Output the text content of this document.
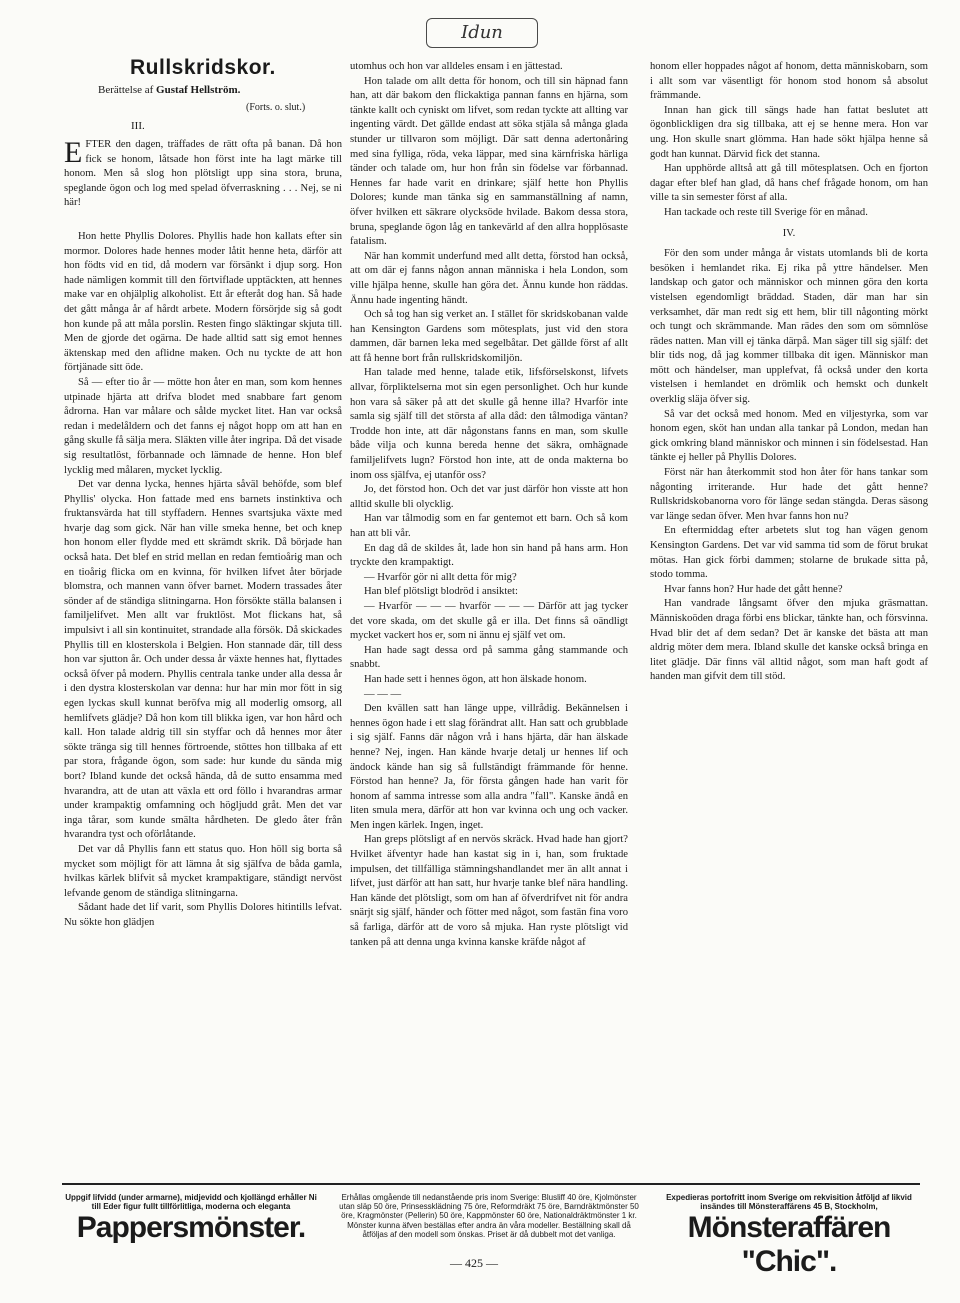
Idun
Rullskridskor.
Berättelse af Gustaf Hellström.
(Forts. o. slut.)
III.

E FTER den dagen, träffades de rätt ofta på banan. Då hon fick se honom, låtsade hon först inte ha lagt märke till honom. Men så slog hon plötsligt upp sina stora, bruna, speglande ögon och log med spelad öfverraskning . . . Nej, se ni här!

Hon hette Phyllis Dolores. Phyllis hade hon kallats efter sin mormor. Dolores hade hennes moder låtit henne heta, därför att hon födts vid en tid, då modern var försänkt i djup sorg. Hon hade nämligen kommit till den förtviflade upptäckten, att hennes make var en ohjälplig alkoholist. Ett år efteråt dog han. Så hade det gått många år af hårdt arbete. Modern försörjde sig så godt hon kunde på att måla porslin. Resten fingo släktingar skjuta till. Men de gjorde det ogärna. De hade alltid satt sig emot hennes äktenskap med den aflidne maken. Och nu tyckte de att hon förtjänade sitt öde.

Så — efter tio år — mötte hon åter en man, som kom hennes utpinade hjärta att drifva blodet med snabbare fart genom ådrorna. Han var målare och sålde mycket litet. Han var också redan i medelåldern och det fanns ej något hopp om att han en gång skulle få sälja mera. Släkten ville åter ingripa. Då det visade sig resultatlöst, förbannade och lämnade de henne. Hon blef lycklig med målaren, mycket lycklig.

Det var denna lycka, hennes hjärta såväl behöfde, som blef Phyllis' olycka. Hon fattade med ens barnets instinktiva och fruktansvärda hat till styffadern. Hennes svartsjuka växte med hvarje dag som gick. När han ville smeka henne, bet och knep hon honom eller flydde med ett skrämdt skrik. Då började han också hata. Det blef en strid mellan en redan femtioårig man och en tioårig flicka om en kvinna, för hvilken lifvet åter började blomstra, och mannen vann öfver barnet. Modern trassades åter sönder af de ständiga slitningarna. Hon försökte ställa balansen i familjelifvet. Men allt var fruktlöst. Mot flickans hat, så impulsivt i all sin kontinuitet, strandade alla försök. Då skickades Phyllis till en klosterskola i Belgien. Hon stannade där, till dess hon var sjutton år. Och under dessa år växte hennes hat, flyttades också öfver på modern. Phyllis centrala tanke under alla dessa år i den dystra klosterskolan var denna: hur har min mor fött in sig egen lyckas skull kunnat beröfva mig all moderlig omsorg, all hemlifvets glädje? Då hon kom till blikka igen, var hon hård och kall. Hon talade aldrig till sin styffar och då hennes mor åter sökte tränga sig till hennes förtroende, stöttes hon tillbaka af ett par stora, frågande ögon, som sade: hur kunde du sända mig bort? Ibland kunde det också hända, då de sutto ensamma med hvarandra, att de utan att växla ett ord föllo i hvarandras armar under krampaktig omfamning och högljudd gråt. Men det var inga tårar, som kunde smälta hårdheten. De gledo åter från hvarandra tyst och oförlåtande.

Det var då Phyllis fann ett status quo. Hon höll sig borta så mycket som möjligt för att lämna åt sig själfva de båda gamla, hvilkas kärlek blifvit så mycket krampaktigare, ständigt nervöst lefvande genom de ständiga slitningarna.

Sådant hade det lif varit, som Phyllis Dolores hitintills lefvat. Nu sökte hon glädjen

utomhus och hon var alldeles ensam i en jättestad.

Hon talade om allt detta för honom, och till sin häpnad fann han, att där bakom den flickaktiga pannan fanns en hjärna, som tänkte kallt och cyniskt om lifvet, som redan tyckte att allting var ingenting värdt. Det gällde endast att söka stjäla så många glada stunder ur tillvaron som möjligt. Där satt denna adertonåring med sina fylliga, röda, veka läppar, med sina kärnfriska härliga tänder och talade om, hur hon från sin födelse var förbannad. Hennes far hade varit en drinkare; själf hette hon Phyllis Dolores; kunde man tänka sig en sammanställning af namn, öfver hvilken ett säkrare olycksöde hvilade. Bakom dessa stora, bruna, speglande ögon låg en tankevärld af den allra hopplösaste fatalism.

När han kommit underfund med allt detta, förstod han också, att om där ej fanns någon annan människa i hela London, som ville hjälpa henne, skulle han göra det. Ännu kunde hon räddas. Ännu hade ingenting händt.

Och så tog han sig verket an. I stället för skridskobanan valde han Kensington Gardens som mötesplats, just vid den stora dammen, där barnen leka med segelbåtar. Det gällde först af allt att få henne bort från rullskridskomiljön.

Han talade med henne, talade etik, lifsförselskonst, lifvets allvar, förpliktelserna mot sin egen personlighet. Och hur kunde hon vara så säker på att det skulle gå henne illa? Hvarför inte samla sig själf till det största af alla dåd: den tålmodiga väntan? Trodde hon inte, att där någonstans fanns en man, som skulle både vilja och kunna bereda henne det säkra, omhägnade familjelifvets lugn? Förstod hon inte, att de onda makterna bo inom oss själfva, ej utanför oss?

Jo, det förstod hon. Och det var just därför hon visste att hon alltid skulle bli olycklig.

Han var tålmodig som en far gentemot ett barn. Och så kom han att bli vår.

En dag då de skildes åt, lade hon sin hand på hans arm. Hon tryckte den krampaktigt.

— Hvarför gör ni allt detta för mig?

Han blef plötsligt blodröd i ansiktet:

— Hvarför — — — hvarför — — — Därför att jag tycker det vore skada, om det skulle gå er illa. Det finns så oändligt mycket vackert hos er, som ni ännu ej själf vet om.

Han hade sagt dessa ord på samma gång stammande och snabbt.

Han hade sett i hennes ögon, att hon älskade honom.

— — —

Den kvällen satt han länge uppe, villrådig. Bekännelsen i hennes ögon hade i ett slag förändrat allt. Han satt och grubblade i sig själf. Fanns där någon vrå i hans hjärta, där han älskade henne? Nej, ingen. Han kände hvarje detalj ur hennes lif och ändock kände han sig så fullständigt främmande för henne. Förstod han henne? Ja, för första gången hade han varit för honom af samma intresse som alla andra "fall". Kanske ändå en liten smula mera, därför att hon var kvinna och ung och vacker. Men ingen kärlek. Ingen, inget.

Han greps plötsligt af en nervös skräck. Hvad hade han gjort? Hvilket äfventyr hade han kastat sig in i, han, som fruktade impulsen, det tillfälliga stämningshandlandet mer än allt annat i lifvet, just därför att han satt, hur hvarje tanke blef nära handling. Han kände det plötsligt, som om han af öfverdrifvet nit för andra snärjt sig själf, händer och fötter med något, som fastän fina voro så farliga, därför att de voro så mjuka. Han ryste plötsligt vid tanken på att denna unga kvinna kanske kräfde något af

honom eller hoppades något af honom, detta människobarn, som i allt som var väsentligt för honom stod honom så absolut främmande.

Innan han gick till sängs hade han fattat beslutet att ögonblickligen dra sig tillbaka, att ej se henne mera. Hon var ung. Hon skulle snart glömma. Han hade sökt hjälpa henne så godt han kunnat. Därvid fick det stanna.

Han upphörde alltså att gå till mötesplatsen. Och en fjorton dagar efter blef han glad, då hans chef frågade honom, om han ville ta sin semester först af alla.

Han tackade och reste till Sverige för en månad.

IV.

För den som under många år vistats utomlands bli de korta besöken i hemlandet rika. Ej rika på yttre händelser. Men landskap och gator och människor och minnen göra den korta vistelsen egendomligt bräddad. Staden, där man har sin verksamhet, där man redt sig ett hem, blir till någonting mörkt och tungt och skrämmande. Man rädes den som om sömnlöse rädes natten. Man vill ej tänka därpå. Man säger till sig själf: det blir tids nog, då jag kommer tillbaka dit igen. Människor man mött och händelser, man upplefvat, få också under den korta vistelsen i hemlandet en drömlik och hemskt och dunkelt overklig släja öfver sig.

Så var det också med honom. Med en viljestyrka, som var honom egen, sköt han undan alla tankar på London, medan han gick omkring bland människor och minnen i sin födelsestad. Han tänkte ej heller på Phyllis Dolores.

Först när han återkommit stod hon åter för hans tankar som någonting irriterande. Hur hade det gått henne? Rullskridskobanorna voro för länge sedan stängda. Deras säsong var länge sedan öfver. Men hvar fanns hon nu?

En eftermiddag efter arbetets slut tog han vägen genom Kensington Gardens. Det var vid samma tid som de förut brukat mötas. Han gick förbi dammen; stolarne de brukade sitta på, stodo tomma.

Hvar fanns hon? Hur hade det gått henne?

Han vandrade långsamt öfver den mjuka gräsmattan. Människoöden draga förbi ens blickar, tänkte han, och försvinna. Hvad blir det af dem sedan? Det är kanske det bästa att man aldrig möter dem mera. Ibland skulle det kanske också bringa en litet glädje. Där finns väl alltid något, som man haft godt af handen man gifvit dem till stöd.

Uppgif lifvidd (under armarne), midjevidd och kjollängd erhåller Ni till Eder figur fullt tillförlitliga, moderna och eleganta
Pappersmönster.
Erhållas omgående till nedanstående pris inom Sverige: Blusliff 40 öre, Kjolmönster utan släp 50 öre, Prinsessklädning 75 öre, Reformdräkt 75 öre, Barndräktmönster 50 öre, Kragmönster (Pellerin) 50 öre, Kappmönster 60 öre, Nationaldräktmönster 1 kr. Mönster kunna äfven beställas efter andra än våra modeller. Beställning skall då åtföljas af den modell som önskas. Priset är då dubbelt mot det vanliga.
Expedieras portofritt inom Sverige om rekvisition åtföljd af likvid insändes till Mönsteraffärens 45 B, Stockholm,
Mönsteraffären "Chic".
— 425 —
